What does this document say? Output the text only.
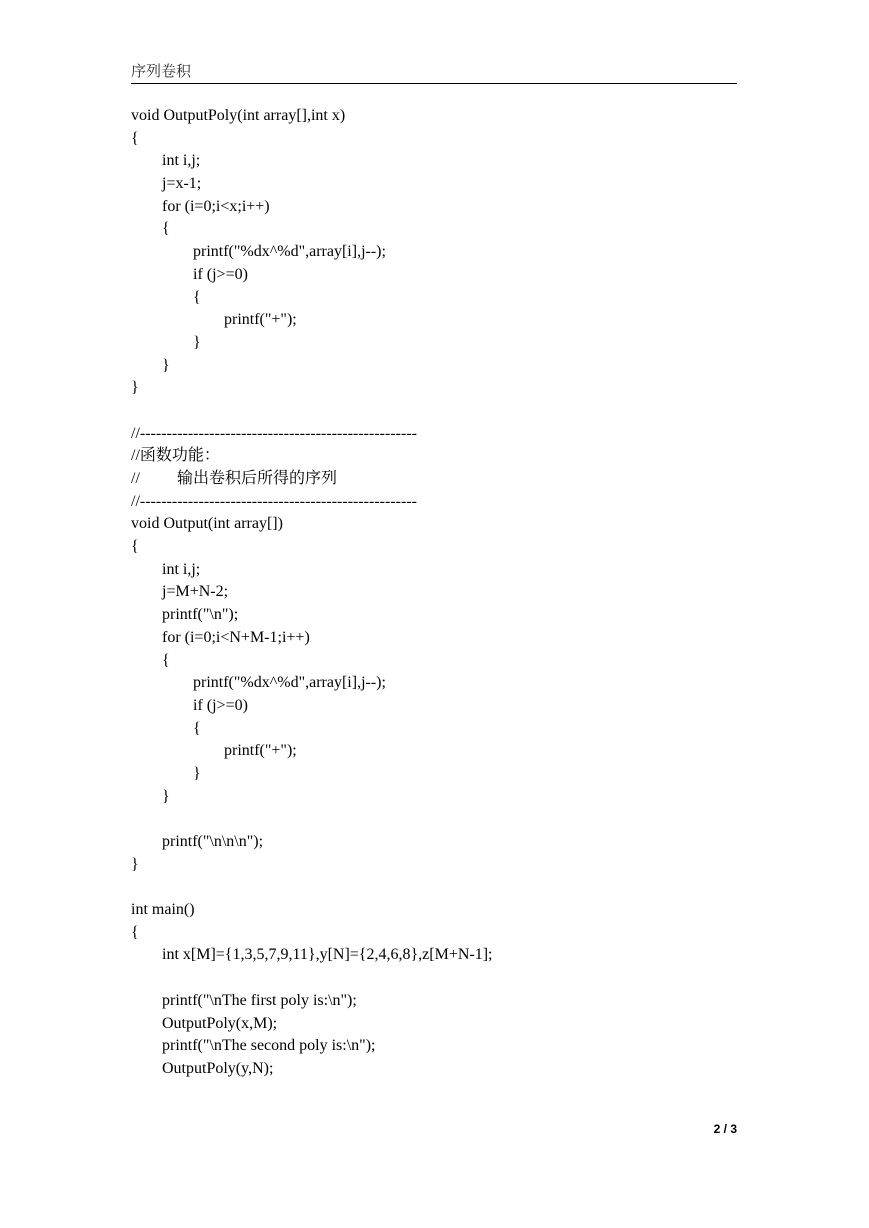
序列卷积
void OutputPoly(int array[],int x)
{
int i,j;
j=x-1;
for (i=0;i<x;i++)
{
printf("%dx^%d",array[i],j--);
if (j>=0)
{
printf("+");
}
}
}
//----------------------------------------------------
//函数功能：
// 输出卷积后所得的序列
//----------------------------------------------------
void Output(int array[])
{
int i,j;
j=M+N-2;
printf("\n");
for (i=0;i<N+M-1;i++)
{
printf("%dx^%d",array[i],j--);
if (j>=0)
{
printf("+");
}
}
printf("\n\n\n");
}
int main()
{
int x[M]={1,3,5,7,9,11},y[N]={2,4,6,8},z[M+N-1];
printf("\nThe first poly is:\n");
OutputPoly(x,M);
printf("\nThe second poly is:\n");
OutputPoly(y,N);
2 / 3
